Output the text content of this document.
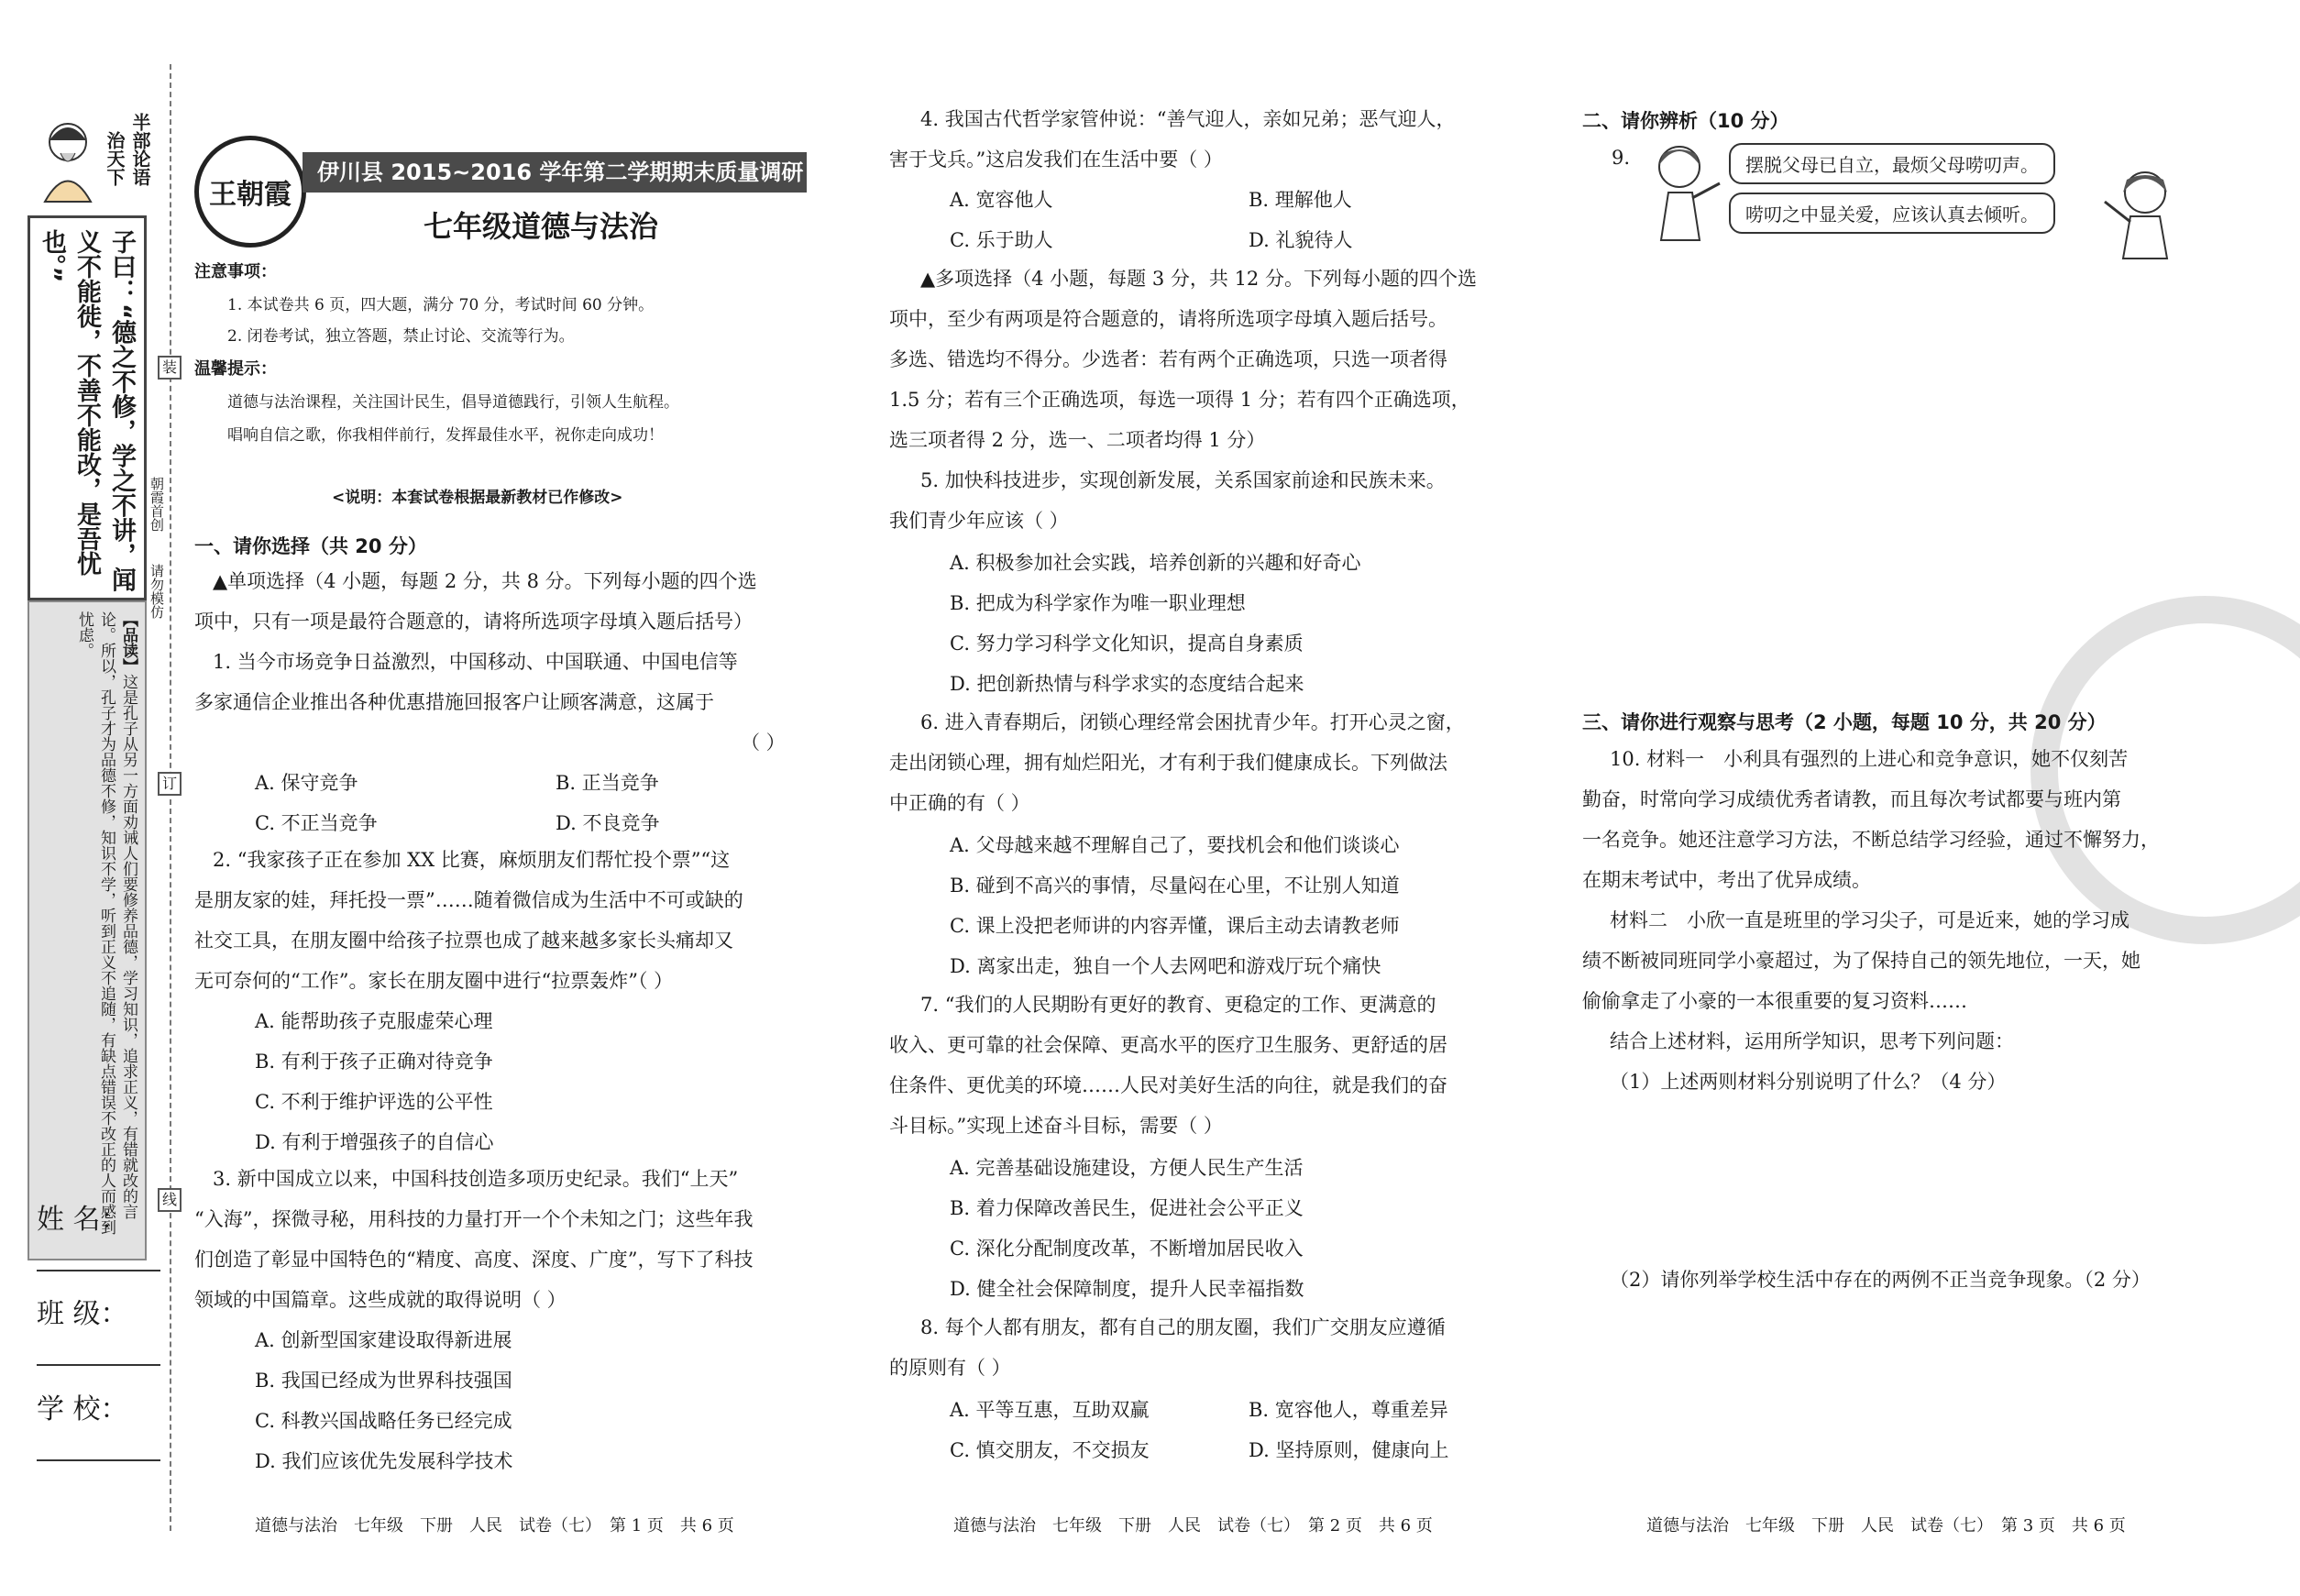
半部论语
治天下
子曰：“德之不修，学之不讲，闻义不能徙，不善不能改，是吾忧也。”
【品读】这是孔子从另一方面劝诫人们要修养品德，学习知识，追求正义，有错就改的言论。所以，孔子才为品德不修，知识不学，听到正义不追随，有缺点错误不改正的人而感到忧虑。
朝霞首创
请勿模仿
姓 名：
班 级：
学 校：
装
订
线
王朝霞
伊川县 2015~2016 学年第二学期期末质量调研检测试卷 七年级道德与法治
注意事项：
1. 本试卷共 6 页，四大题，满分 70 分，考试时间 60 分钟。
2. 闭卷考试，独立答题，禁止讨论、交流等行为。
温馨提示：
道德与法治课程，关注国计民生，倡导道德践行，引领人生航程。
唱响自信之歌，你我相伴前行，发挥最佳水平，祝你走向成功！
<说明：本套试卷根据最新教材已作修改>
一、请你选择（共 20 分）
▲单项选择（4 小题，每题 2 分，共 8 分。下列每小题的四个选
项中，只有一项是最符合题意的，请将所选项字母填入题后括号）
1. 当今市场竞争日益激烈，中国移动、中国联通、中国电信等
多家通信企业推出各种优惠措施回报客户让顾客满意，这属于
（ ）
A. 保守竞争	B. 正当竞争
C. 不正当竞争	D. 不良竞争
2. “我家孩子正在参加 XX 比赛，麻烦朋友们帮忙投个票”“这
是朋友家的娃，拜托投一票”……随着微信成为生活中不可或缺的
社交工具，在朋友圈中给孩子拉票也成了越来越多家长头痛却又
无可奈何的“工作”。家长在朋友圈中进行“拉票轰炸”（ ）
A. 能帮助孩子克服虚荣心理
B. 有利于孩子正确对待竞争
C. 不利于维护评选的公平性
D. 有利于增强孩子的自信心
3. 新中国成立以来，中国科技创造多项历史纪录。我们“上天”
“入海”，探微寻秘，用科技的力量打开一个个未知之门；这些年我
们创造了彰显中国特色的“精度、高度、深度、广度”，写下了科技
领域的中国篇章。这些成就的取得说明（ ）
A. 创新型国家建设取得新进展
B. 我国已经成为世界科技强国
C. 科教兴国战略任务已经完成
D. 我们应该优先发展科学技术
道德与法治　七年级　下册　人民　试卷（七）　第 1 页　共 6 页
4. 我国古代哲学家管仲说：“善气迎人，亲如兄弟；恶气迎人，
害于戈兵。”这启发我们在生活中要（ ）
A. 宽容他人	B. 理解他人
C. 乐于助人	D. 礼貌待人
▲多项选择（4 小题，每题 3 分，共 12 分。下列每小题的四个选
项中，至少有两项是符合题意的，请将所选项字母填入题后括号。
多选、错选均不得分。少选者：若有两个正确选项，只选一项者得
1.5 分；若有三个正确选项，每选一项得 1 分；若有四个正确选项，
选三项者得 2 分，选一、二项者均得 1 分）
5. 加快科技进步，实现创新发展，关系国家前途和民族未来。
我们青少年应该（ ）
A. 积极参加社会实践，培养创新的兴趣和好奇心
B. 把成为科学家作为唯一职业理想
C. 努力学习科学文化知识，提高自身素质
D. 把创新热情与科学求实的态度结合起来
6. 进入青春期后，闭锁心理经常会困扰青少年。打开心灵之窗，
走出闭锁心理，拥有灿烂阳光，才有利于我们健康成长。下列做法
中正确的有（ ）
A. 父母越来越不理解自己了，要找机会和他们谈谈心
B. 碰到不高兴的事情，尽量闷在心里，不让别人知道
C. 课上没把老师讲的内容弄懂，课后主动去请教老师
D. 离家出走，独自一个人去网吧和游戏厅玩个痛快
7. “我们的人民期盼有更好的教育、更稳定的工作、更满意的
收入、更可靠的社会保障、更高水平的医疗卫生服务、更舒适的居
住条件、更优美的环境……人民对美好生活的向往，就是我们的奋
斗目标。”实现上述奋斗目标，需要（ ）
A. 完善基础设施建设，方便人民生产生活
B. 着力保障改善民生，促进社会公平正义
C. 深化分配制度改革，不断增加居民收入
D. 健全社会保障制度，提升人民幸福指数
8. 每个人都有朋友，都有自己的朋友圈，我们广交朋友应遵循
的原则有（ ）
A. 平等互惠，互助双赢	B. 宽容他人，尊重差异
C. 慎交朋友，不交损友	D. 坚持原则，健康向上
道德与法治　七年级　下册　人民　试卷（七）　第 2 页　共 6 页
二、请你辨析（10 分）
9.	摆脱父母已自立，最烦父母唠叨声。
唠叨之中显关爱，应该认真去倾听。
三、请你进行观察与思考（2 小题，每题 10 分，共 20 分）
10. 材料一　小利具有强烈的上进心和竞争意识，她不仅刻苦
勤奋，时常向学习成绩优秀者请教，而且每次考试都要与班内第
一名竞争。她还注意学习方法，不断总结学习经验，通过不懈努力，
在期末考试中，考出了优异成绩。
材料二　小欣一直是班里的学习尖子，可是近来，她的学习成
绩不断被同班同学小豪超过，为了保持自己的领先地位，一天，她
偷偷拿走了小豪的一本很重要的复习资料……
结合上述材料，运用所学知识，思考下列问题：
（1）上述两则材料分别说明了什么？（4 分）
（2）请你列举学校生活中存在的两例不正当竞争现象。（2 分）
道德与法治　七年级　下册　人民　试卷（七）　第 3 页　共 6 页
